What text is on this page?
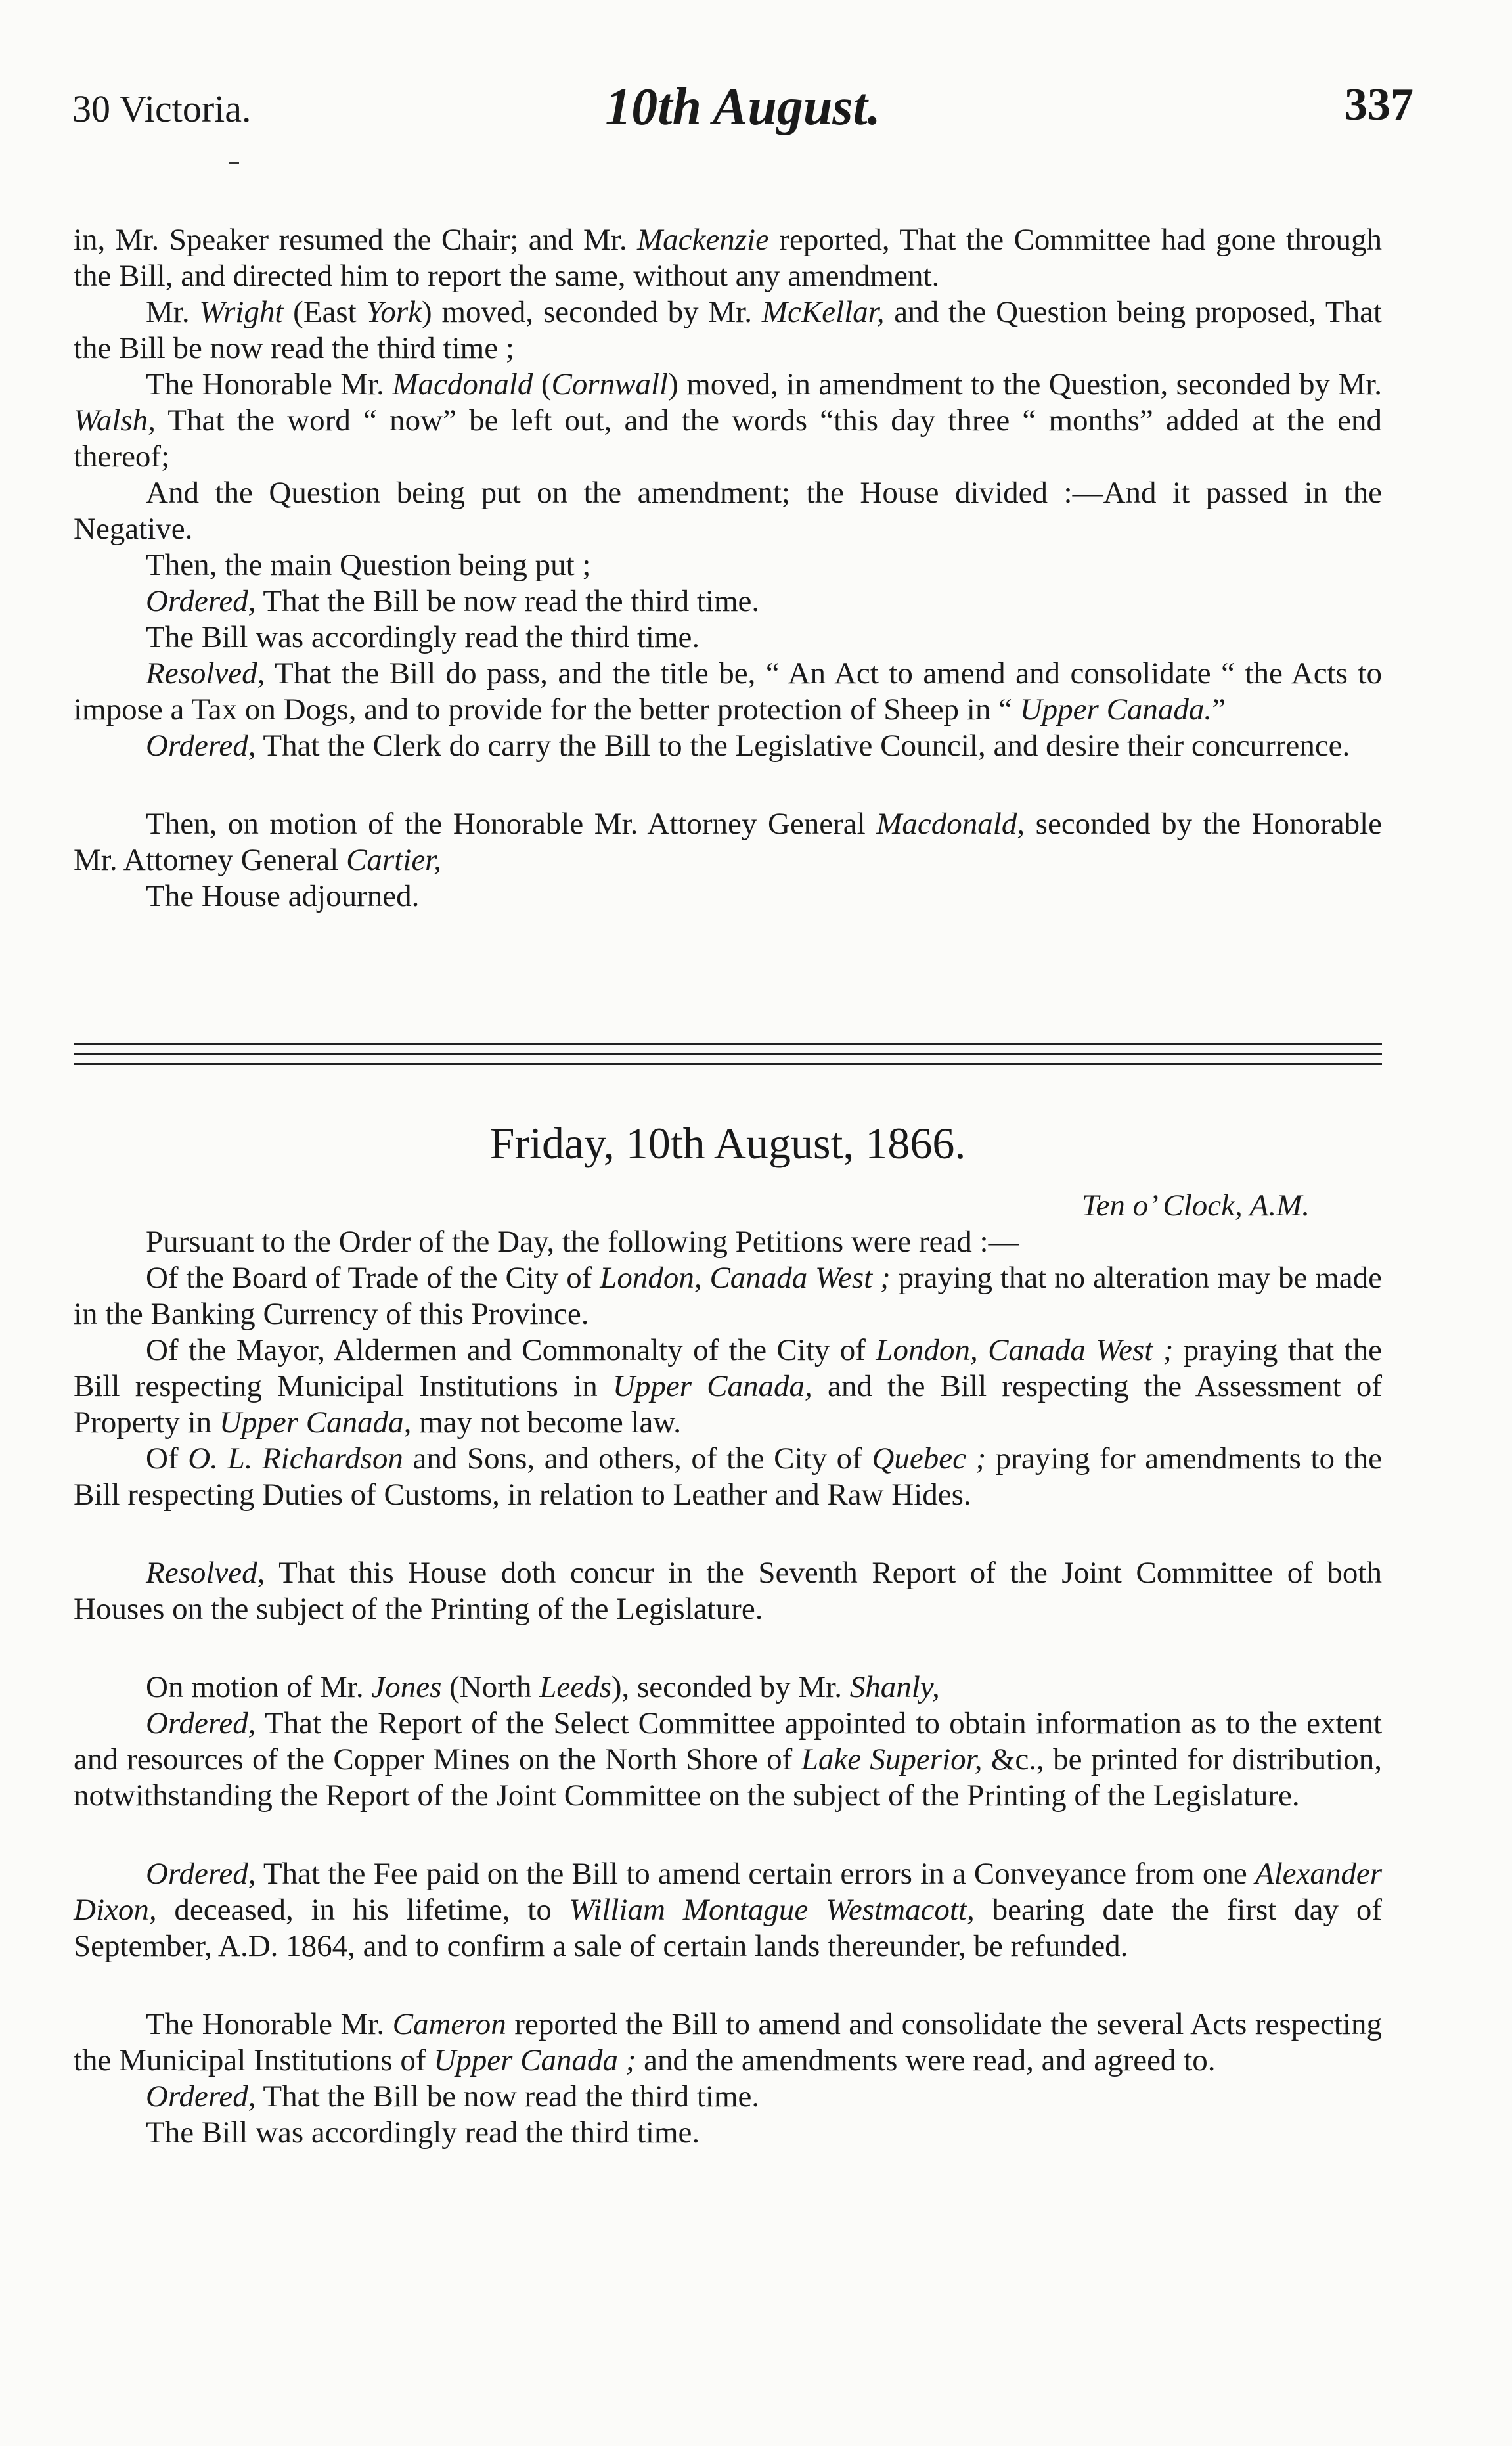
30 Victoria.	10th August.	337

in, Mr. Speaker resumed the Chair; and Mr. Mackenzie reported, That the Committee had gone through the Bill, and directed him to report the same, without any amendment.

Mr. Wright (East York) moved, seconded by Mr. McKellar, and the Question being proposed, That the Bill be now read the third time ;

The Honorable Mr. Macdonald (Cornwall) moved, in amendment to the Question, seconded by Mr. Walsh, That the word “ now” be left out, and the words “this day three “ months” added at the end thereof;

And the Question being put on the amendment; the House divided :—And it passed in the Negative.

Then, the main Question being put ;

Ordered, That the Bill be now read the third time.

The Bill was accordingly read the third time.

Resolved, That the Bill do pass, and the title be, “ An Act to amend and consolidate “ the Acts to impose a Tax on Dogs, and to provide for the better protection of Sheep in “ Upper Canada.”

Ordered, That the Clerk do carry the Bill to the Legislative Council, and desire their concurrence.

Then, on motion of the Honorable Mr. Attorney General Macdonald, seconded by the Honorable Mr. Attorney General Cartier,

The House adjourned.

Friday, 10th August, 1866.

Ten o’ Clock, A.M.

Pursuant to the Order of the Day, the following Petitions were read :—

Of the Board of Trade of the City of London, Canada West ; praying that no alteration may be made in the Banking Currency of this Province.

Of the Mayor, Aldermen and Commonalty of the City of London, Canada West ; praying that the Bill respecting Municipal Institutions in Upper Canada, and the Bill respecting the Assessment of Property in Upper Canada, may not become law.

Of O. L. Richardson and Sons, and others, of the City of Quebec ; praying for amendments to the Bill respecting Duties of Customs, in relation to Leather and Raw Hides.

Resolved, That this House doth concur in the Seventh Report of the Joint Committee of both Houses on the subject of the Printing of the Legislature.

On motion of Mr. Jones (North Leeds), seconded by Mr. Shanly,

Ordered, That the Report of the Select Committee appointed to obtain information as to the extent and resources of the Copper Mines on the North Shore of Lake Superior, &c., be printed for distribution, notwithstanding the Report of the Joint Committee on the subject of the Printing of the Legislature.

Ordered, That the Fee paid on the Bill to amend certain errors in a Conveyance from one Alexander Dixon, deceased, in his lifetime, to William Montague Westmacott, bearing date the first day of September, A.D. 1864, and to confirm a sale of certain lands thereunder, be refunded.

The Honorable Mr. Cameron reported the Bill to amend and consolidate the several Acts respecting the Municipal Institutions of Upper Canada ; and the amendments were read, and agreed to.

Ordered, That the Bill be now read the third time.

The Bill was accordingly read the third time.
